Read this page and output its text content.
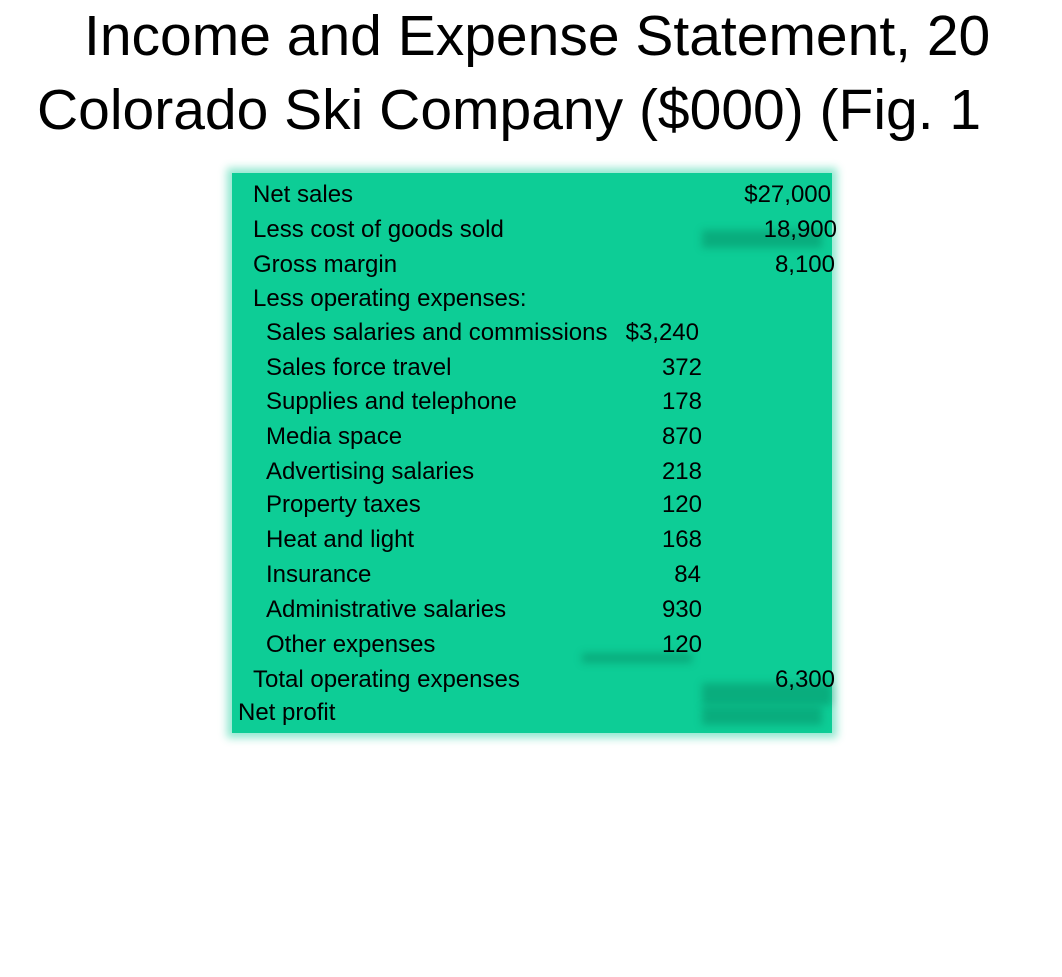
Income and Expense Statement, 20
Colorado Ski Company ($000) (Fig. 1
Net sales	$27,000
Less cost of goods sold	18,900
Gross margin	8,100
Less operating expenses:
Sales salaries and commissions $3,240
Sales force travel	372
Supplies and telephone	178
Media space	870
Advertising salaries	218
Property taxes	120
Heat and light	168
Insurance	84
Administrative salaries	930
Other expenses	120
Total operating expenses	6,300
Net profit
